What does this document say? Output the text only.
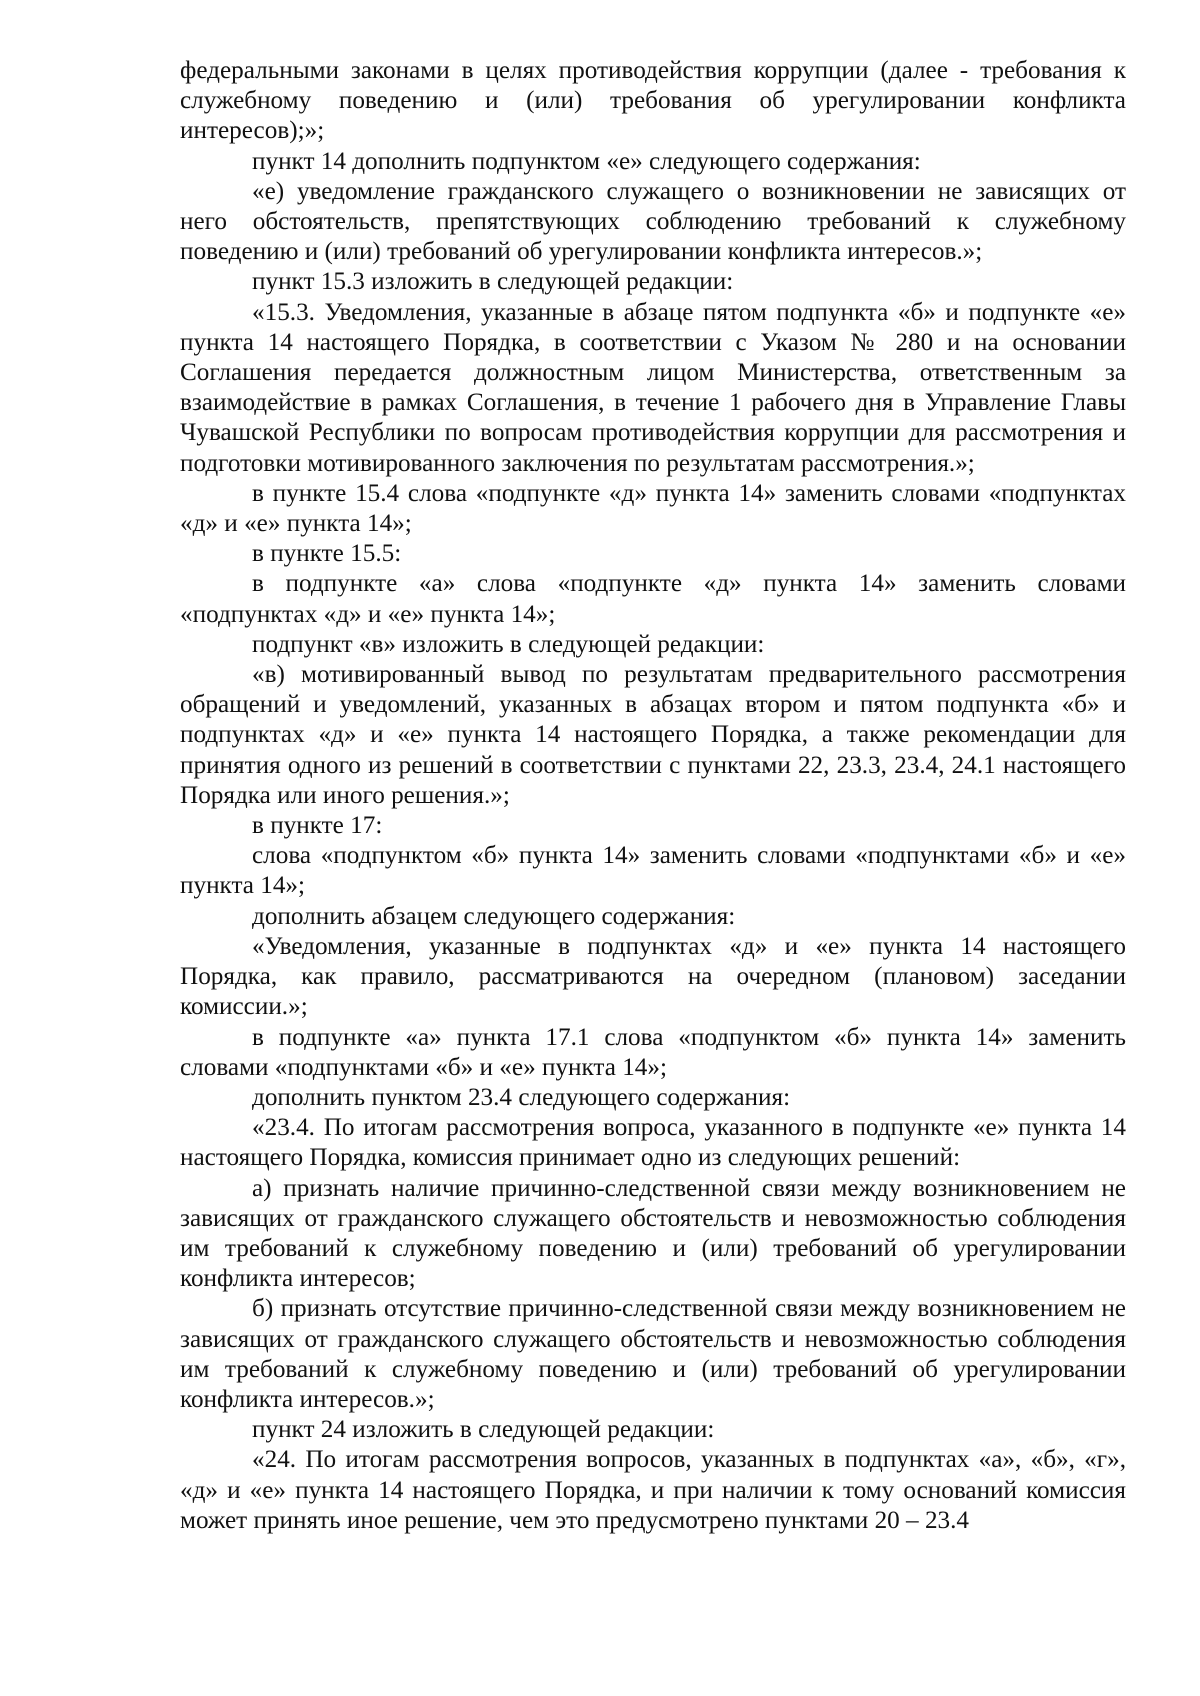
федеральными законами в целях противодействия коррупции (далее - требования к служебному поведению и (или) требования об урегулировании конфликта интересов);»;

пункт 14 дополнить подпунктом «е» следующего содержания:

«е) уведомление гражданского служащего о возникновении не зависящих от него обстоятельств, препятствующих соблюдению требований к служебному поведению и (или) требований об урегулировании конфликта интересов.»;

пункт 15.3 изложить в следующей редакции:

«15.3. Уведомления, указанные в абзаце пятом подпункта «б» и подпункте «е» пункта 14 настоящего Порядка, в соответствии с Указом № 280 и на основании Соглашения передается должностным лицом Министерства, ответственным за взаимодействие в рамках Соглашения, в течение 1 рабочего дня в Управление Главы Чувашской Республики по вопросам противодействия коррупции для рассмотрения и подготовки мотивированного заключения по результатам рассмотрения.»;

в пункте 15.4 слова «подпункте «д» пункта 14» заменить словами «подпунктах «д» и «е» пункта 14»;

в пункте 15.5:

в подпункте «а» слова «подпункте «д» пункта 14» заменить словами «подпунктах «д» и «е» пункта 14»;

подпункт «в» изложить в следующей редакции:

«в) мотивированный вывод по результатам предварительного рассмотрения обращений и уведомлений, указанных в абзацах втором и пятом подпункта «б» и подпунктах «д» и «е» пункта 14 настоящего Порядка, а также рекомендации для принятия одного из решений в соответствии с пунктами 22, 23.3, 23.4, 24.1 настоящего Порядка или иного решения.»;

в пункте 17:

слова «подпунктом «б» пункта 14» заменить словами «подпунктами «б» и «е» пункта 14»;

дополнить абзацем следующего содержания:

«Уведомления, указанные в подпунктах «д» и «е» пункта 14 настоящего Порядка, как правило, рассматриваются на очередном (плановом) заседании комиссии.»;

в подпункте «а» пункта 17.1 слова «подпунктом «б» пункта 14» заменить словами «подпунктами «б» и «е» пункта 14»;

дополнить пунктом 23.4 следующего содержания:

«23.4. По итогам рассмотрения вопроса, указанного в подпункте «е» пункта 14 настоящего Порядка, комиссия принимает одно из следующих решений:

а) признать наличие причинно-следственной связи между возникновением не зависящих от гражданского служащего обстоятельств и невозможностью соблюдения им требований к служебному поведению и (или) требований об урегулировании конфликта интересов;

б) признать отсутствие причинно-следственной связи между возникновением не зависящих от гражданского служащего обстоятельств и невозможностью соблюдения им требований к служебному поведению и (или) требований об урегулировании конфликта интересов.»;

пункт 24 изложить в следующей редакции:

«24. По итогам рассмотрения вопросов, указанных в подпунктах «а», «б», «г», «д» и «е» пункта 14 настоящего Порядка, и при наличии к тому оснований комиссия может принять иное решение, чем это предусмотрено пунктами 20 – 23.4
